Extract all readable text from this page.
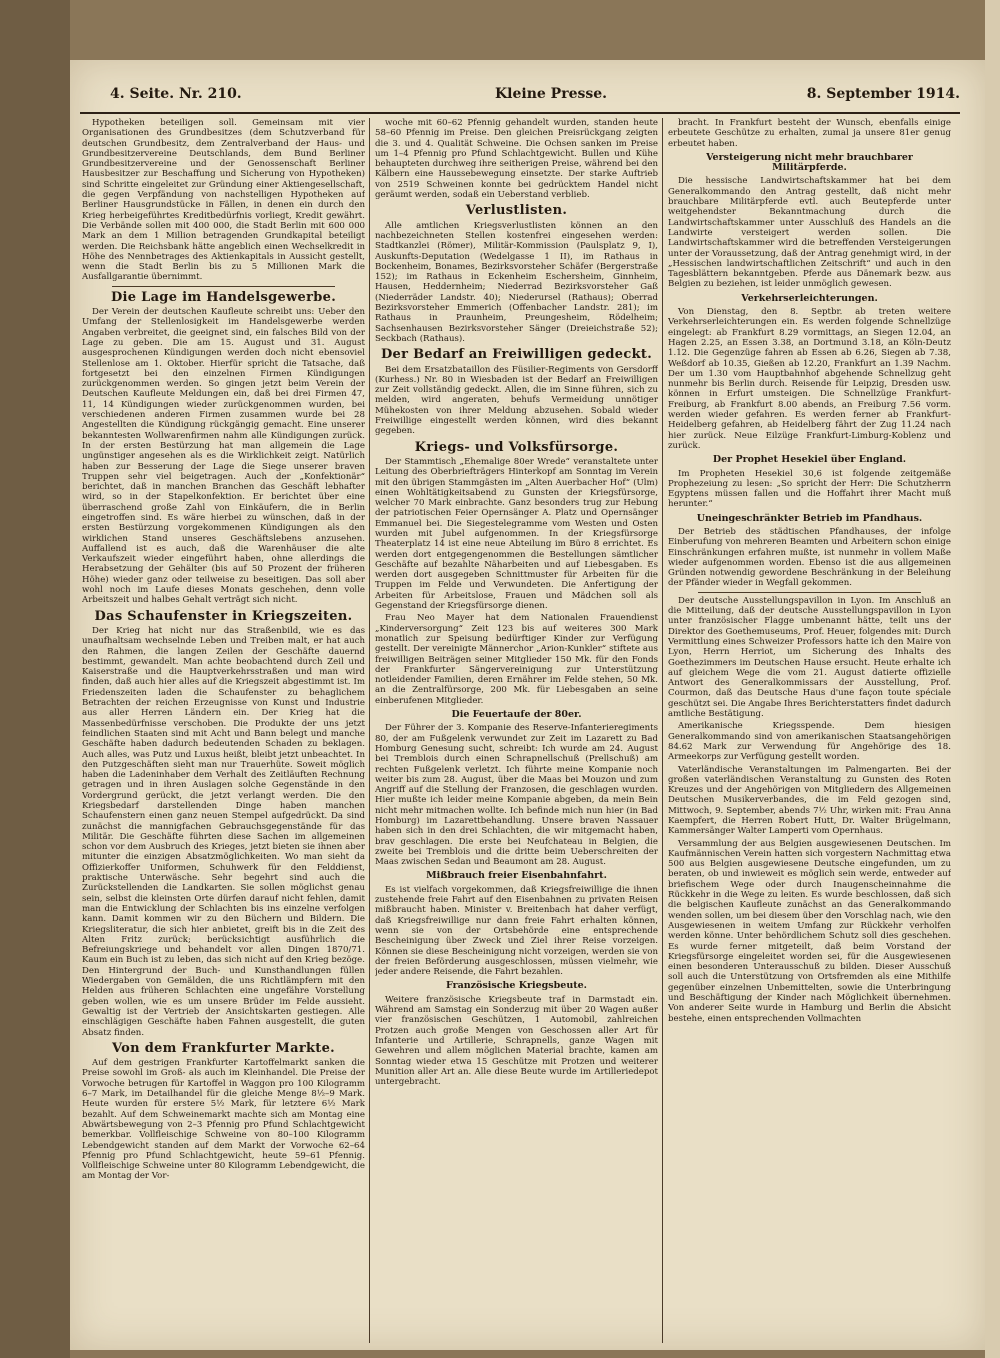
4. Seite. Nr. 210.	Kleine Presse.	8. September 1914.

Hypotheken beteiligen soll. Gemeinsam mit vier Organisationen des Grundbesitzes (dem Schutzverband für deutschen Grundbesitz, dem Zentralverband der Haus- und Grundbesitzervereine Deutschlands, dem Bund Berliner Grundbesitzervereine und der Genossenschaft Berliner Hausbesitzer zur Beschaffung und Sicherung von Hypotheken) sind Schritte eingeleitet zur Gründung einer Aktiengesellschaft, die gegen Verpfändung von nachstelligen Hypotheken auf Berliner Hausgrundstücke in Fällen, in denen ein durch den Krieg herbeigeführtes Kreditbedürfnis vorliegt, Kredit gewährt. Die Verbände sollen mit 400 000, die Stadt Berlin mit 600 000 Mark an dem 1 Million betragenden Grundkapital beteiligt werden. Die Reichsbank hätte angeblich einen Wechselkredit in Höhe des Nennbetrages des Aktienkapitals in Aussicht gestellt, wenn die Stadt Berlin bis zu 5 Millionen Mark die Ausfallgarantie übernimmt.

Die Lage im Handelsgewerbe.

Der Verein der deutschen Kaufleute schreibt uns: Ueber den Umfang der Stellenlosigkeit im Handelsgewerbe werden Angaben verbreitet, die geeignet sind, ein falsches Bild von der Lage zu geben. Die am 15. August und 31. August ausgesprochenen Kündigungen werden doch nicht ebensoviel Stellenlose am 1. Oktober. Hierfür spricht die Tatsache, daß fortgesetzt bei den einzelnen Firmen Kündigungen zurückgenommen werden. So gingen jetzt beim Verein der Deutschen Kaufleute Meldungen ein, daß bei drei Firmen 47, 11, 14 Kündigungen wieder zurückgenommen wurden, bei verschiedenen anderen Firmen zusammen wurde bei 28 Angestellten die Kündigung rückgängig gemacht. Eine unserer bekanntesten Wollwarenfirmen nahm alle Kündigungen zurück. In der ersten Bestürzung hat man allgemein die Lage ungünstiger angesehen als es die Wirklichkeit zeigt. Natürlich haben zur Besserung der Lage die Siege unserer braven Truppen sehr viel beigetragen. Auch der „Konfektionär“ berichtet, daß in manchen Branchen das Geschäft lebhafter wird, so in der Stapelkonfektion. Er berichtet über eine überraschend große Zahl von Einkäufern, die in Berlin eingetroffen sind. Es wäre hierbei zu wünschen, daß in der ersten Bestürzung vorgekommenen Kündigungen als den wirklichen Stand unseres Geschäftslebens anzusehen. Auffallend ist es auch, daß die Warenhäuser die alte Verkaufszeit wieder eingeführt haben, ohne allerdings die Herabsetzung der Gehälter (bis auf 50 Prozent der früheren Höhe) wieder ganz oder teilweise zu beseitigen. Das soll aber wohl noch im Laufe dieses Monats geschehen, denn volle Arbeitszeit und halbes Gehalt verträgt sich nicht.

Das Schaufenster in Kriegszeiten.

Der Krieg hat nicht nur das Straßenbild, wie es das unaufhaltsam wechselnde Leben und Treiben malt, er hat auch den Rahmen, die langen Zeilen der Geschäfte dauernd bestimmt, gewandelt. Man achte beobachtend durch Zeil und Kaiserstraße und die Hauptverkehrsstraßen und man wird finden, daß auch hier alles auf die Kriegszeit abgestimmt ist. Im Friedenszeiten laden die Schaufenster zu behaglichem Betrachten der reichen Erzeugnisse von Kunst und Industrie aus aller Herren Ländern ein. Der Krieg hat die Massenbedürfnisse verschoben. Die Produkte der uns jetzt feindlichen Staaten sind mit Acht und Bann belegt und manche Geschäfte haben dadurch bedeutenden Schaden zu beklagen. Auch alles, was Putz und Luxus heißt, bleibt jetzt unbeachtet. In den Putzgeschäften sieht man nur Trauerhüte. Soweit möglich haben die Ladeninhaber dem Verhalt des Zeitläuften Rechnung getragen und in ihren Auslagen solche Gegenstände in den Vordergrund gerückt, die jetzt verlangt werden. Die den Kriegsbedarf darstellenden Dinge haben manchen Schaufenstern einen ganz neuen Stempel aufgedrückt. Da sind zunächst die mannigfachen Gebrauchsgegenstände für das Militär. Die Geschäfte führten diese Sachen im allgemeinen schon vor dem Ausbruch des Krieges, jetzt bieten sie ihnen aber mitunter die einzigen Absatzmöglichkeiten. Wo man sieht da Offizierkoffer Uniformen, Schuhwerk für den Felddienst, praktische Unterwäsche. Sehr begehrt sind auch die Zurückstellenden die Landkarten. Sie sollen möglichst genau sein, selbst die kleinsten Orte dürfen darauf nicht fehlen, damit man die Entwicklung der Schlachten bis ins einzelne verfolgen kann. Damit kommen wir zu den Büchern und Bildern. Die Kriegsliteratur, die sich hier anbietet, greift bis in die Zeit des Alten Fritz zurück; berücksichtigt ausführlich die Befreiungskriege und behandelt vor allen Dingen 1870/71. Kaum ein Buch ist zu leben, das sich nicht auf den Krieg bezöge. Den Hintergrund der Buch- und Kunsthandlungen füllen Wiedergaben von Gemälden, die uns Richtlämpfern mit den Helden aus früheren Schlachten eine ungefähre Vorstellung geben wollen, wie es um unsere Brüder im Felde aussieht. Gewaltig ist der Vertrieb der Ansichtskarten gestiegen. Alle einschlägigen Geschäfte haben Fahnen ausgestellt, die guten Absatz finden.

Von dem Frankfurter Markte.

Auf dem gestrigen Frankfurter Kartoffelmarkt sanken die Preise sowohl im Groß- als auch im Kleinhandel. Die Preise der Vorwoche betrugen für Kartoffel in Waggon pro 100 Kilogramm 6–7 Mark, im Detailhandel für die gleiche Menge 8½–9 Mark. Heute wurden für erstere 5½ Mark, für letztere 6½ Mark bezahlt. Auf dem Schweinemarkt machte sich am Montag eine Abwärtsbewegung von 2–3 Pfennig pro Pfund Schlachtgewicht bemerkbar. Vollfleischige Schweine von 80–100 Kilogramm Lebendgewicht standen auf dem Markt der Vorwoche 62–64 Pfennig pro Pfund Schlachtgewicht, heute 59–61 Pfennig. Vollfleischige Schweine unter 80 Kilogramm Lebendgewicht, die am Montag der Vor-

woche mit 60–62 Pfennig gehandelt wurden, standen heute 58–60 Pfennig im Preise. Den gleichen Preisrückgang zeigten die 3. und 4. Qualität Schweine. Die Ochsen sanken im Preise um 1–4 Pfennig pro Pfund Schlachtgewicht. Bullen und Kühe behaupteten durchweg ihre seitherigen Preise, während bei den Kälbern eine Haussebewegung einsetzte. Der starke Auftrieb von 2519 Schweinen konnte bei gedrücktem Handel nicht geräumt werden, sodaß ein Ueberstand verblieb.

Verlustlisten.

Alle amtlichen Kriegsverlustlisten können an den nachbezeichneten Stellen kostenfrei eingesehen werden: Stadtkanzlei (Römer), Militär-Kommission (Paulsplatz 9, I), Auskunfts-Deputation (Wedelgasse 1 II), im Rathaus in Bockenheim, Bonames, Bezirksvorsteher Schäfer (Bergerstraße 152); im Rathaus in Eckenheim Eschersheim, Ginnheim, Hausen, Heddernheim; Niederrad Bezirksvorsteher Gaß (Niederräder Landstr. 40); Niederursel (Rathaus); Oberrad Bezirksvorsteher Emmerich (Offenbacher Landstr. 281); im Rathaus in Praunheim, Preungesheim, Rödelheim; Sachsenhausen Bezirksvorsteher Sänger (Dreieichstraße 52); Seckbach (Rathaus).

Der Bedarf an Freiwilligen gedeckt.

Bei dem Ersatzbataillon des Füsilier-Regiments von Gersdorff (Kurhess.) Nr. 80 in Wiesbaden ist der Bedarf an Freiwilligen zur Zeit vollständig gedeckt. Allen, die im Sinne führen, sich zu melden, wird angeraten, behufs Vermeidung unnötiger Mühekosten von ihrer Meldung abzusehen. Sobald wieder Freiwillige eingestellt werden können, wird dies bekannt gegeben.

Kriegs- und Volksfürsorge.

Der Stammtisch „Ehemalige 80er Wrede“ veranstaltete unter Leitung des Oberbriefträgers Hinterkopf am Sonntag im Verein mit den übrigen Stammgästen im „Alten Auerbacher Hof“ (Ulm) einen Wohltätigkeitsabend zu Gunsten der Kriegsfürsorge, welcher 70 Mark einbrachte. Ganz besonders trug zur Hebung der patriotischen Feier Opernsänger A. Platz und Opernsänger Emmanuel bei. Die Siegestelegramme vom Westen und Osten wurden mit Jubel aufgenommen. In der Kriegsfürsorge Theaterplatz 14 ist eine neue Abteilung im Büro 8 errichtet. Es werden dort entgegengenommen die Bestellungen sämtlicher Geschäfte auf bezahlte Näharbeiten und auf Liebesgaben. Es werden dort ausgegeben Schnittmuster für Arbeiten für die Truppen im Felde und Verwundeten. Die Anfertigung der Arbeiten für Arbeitslose, Frauen und Mädchen soll als Gegenstand der Kriegsfürsorge dienen.

Frau Neo Mayer hat dem Nationalen Frauendienst „Kinderversorgung“ Zeit 123 bis auf weiteres 300 Mark monatlich zur Speisung bedürftiger Kinder zur Verfügung gestellt. Der vereinigte Männerchor „Arion-Kunkler“ stiftete aus freiwilligen Beiträgen seiner Mitglieder 150 Mk. für den Fonds der Frankfurter Sängervereinigung zur Unterstützung notleidender Familien, deren Ernährer im Felde stehen, 50 Mk. an die Zentralfürsorge, 200 Mk. für Liebesgaben an seine einberufenen Mitglieder.

Die Feuertaufe der 80er.

Der Führer der 3. Kompanie des Reserve-Infanterieregiments 80, der am Fußgelenk verwundet zur Zeit im Lazarett zu Bad Homburg Genesung sucht, schreibt: Ich wurde am 24. August bei Tremblois durch einen Schrapnellschuß (Prellschuß) am rechten Fußgelenk verletzt. Ich führte meine Kompanie noch weiter bis zum 28. August, über die Maas bei Mouzon und zum Angriff auf die Stellung der Franzosen, die geschlagen wurden. Hier mußte ich leider meine Kompanie abgeben, da mein Bein nicht mehr mitmachen wollte. Ich befinde mich nun hier (in Bad Homburg) im Lazarettbehandlung. Unsere braven Nassauer haben sich in den drei Schlachten, die wir mitgemacht haben, brav geschlagen. Die erste bei Neufchateau in Belgien, die zweite bei Tremblois und die dritte beim Ueberschreiten der Maas zwischen Sedan und Beaumont am 28. August.

Mißbrauch freier Eisenbahnfahrt.

Es ist vielfach vorgekommen, daß Kriegsfreiwillige die ihnen zustehende freie Fahrt auf den Eisenbahnen zu privaten Reisen mißbraucht haben. Minister v. Breitenbach hat daher verfügt, daß Kriegsfreiwillige nur dann freie Fahrt erhalten können, wenn sie von der Ortsbehörde eine entsprechende Bescheinigung über Zweck und Ziel ihrer Reise vorzeigen. Können sie diese Bescheinigung nicht vorzeigen, werden sie von der freien Beförderung ausgeschlossen, müssen vielmehr, wie jeder andere Reisende, die Fahrt bezahlen.

Französische Kriegsbeute.

Weitere französische Kriegsbeute traf in Darmstadt ein. Während am Samstag ein Sonderzug mit über 20 Wagen außer vier französischen Geschützen, 1 Automobil, zahlreichen Protzen auch große Mengen von Geschossen aller Art für Infanterie und Artillerie, Schrapnells, ganze Wagen mit Gewehren und allem möglichen Material brachte, kamen am Sonntag wieder etwa 15 Geschütze mit Protzen und weiterer Munition aller Art an. Alle diese Beute wurde im Artilleriedepot untergebracht.

bracht. In Frankfurt besteht der Wunsch, ebenfalls einige erbeutete Geschütze zu erhalten, zumal ja unsere 81er genug erbeutet haben.

Versteigerung nicht mehr brauchbarer Militärpferde.

Die hessische Landwirtschaftskammer hat bei dem Generalkommando den Antrag gestellt, daß nicht mehr brauchbare Militärpferde evtl. auch Beutepferde unter weitgehendster Bekanntmachung durch die Landwirtschaftskammer unter Ausschluß des Handels an die Landwirte versteigert werden sollen. Die Landwirtschaftskammer wird die betreffenden Versteigerungen unter der Voraussetzung, daß der Antrag genehmigt wird, in der „Hessischen landwirtschaftlichen Zeitschrift“ und auch in den Tagesblättern bekanntgeben. Pferde aus Dänemark bezw. aus Belgien zu beziehen, ist leider unmöglich gewesen.

Verkehrserleichterungen.

Von Dienstag, den 8. Septbr. ab treten weitere Verkehrserleichterungen ein. Es werden folgende Schnellzüge eingelegt: ab Frankfurt 8.29 vormittags, an Siegen 12.04, an Hagen 2.25, an Essen 3.38, an Dortmund 3.18, an Köln-Deutz 1.12. Die Gegenzüge fahren ab Essen ab 6.26, Siegen ab 7.38, Weßdorf ab 10.35, Gießen ab 12.20, Frankfurt an 1.39 Nachm. Der um 1.30 vom Hauptbahnhof abgehende Schnellzug geht nunmehr bis Berlin durch. Reisende für Leipzig, Dresden usw. können in Erfurt umsteigen. Die Schnellzüge Frankfurt-Freiburg, ab Frankfurt 8.00 abends, an Freiburg 7.56 vorm. werden wieder gefahren. Es werden ferner ab Frankfurt-Heidelberg gefahren, ab Heidelberg fährt der Zug 11.24 nach hier zurück. Neue Eilzüge Frankfurt-Limburg-Koblenz und zurück.

Der Prophet Hesekiel über England.

Im Propheten Hesekiel 30,6 ist folgende zeitgemäße Prophezeiung zu lesen: „So spricht der Herr: Die Schutzherrn Egyptens müssen fallen und die Hoffahrt ihrer Macht muß herunter.“

Uneingeschränkter Betrieb im Pfandhaus.

Der Betrieb des städtischen Pfandhauses, der infolge Einberufung von mehreren Beamten und Arbeitern schon einige Einschränkungen erfahren mußte, ist nunmehr in vollem Maße wieder aufgenommen worden. Ebenso ist die aus allgemeinen Gründen notwendig gewordene Beschränkung in der Beleihung der Pfänder wieder in Wegfall gekommen.

Der deutsche Ausstellungspavillon in Lyon. Im Anschluß an die Mitteilung, daß der deutsche Ausstellungspavillon in Lyon unter französischer Flagge umbenannt hätte, teilt uns der Direktor des Goethemuseums, Prof. Heuer, folgendes mit: Durch Vermittlung eines Schweizer Professors hatte ich den Maire von Lyon, Herrn Herriot, um Sicherung des Inhalts des Goethezimmers im Deutschen Hause ersucht. Heute erhalte ich auf gleichem Wege die vom 21. August datierte offizielle Antwort des Generalkommissars der Ausstellung, Prof. Courmon, daß das Deutsche Haus d'une façon toute spéciale geschützt sei. Die Angabe Ihres Berichterstatters findet dadurch amtliche Bestätigung.

Amerikanische Kriegsspende. Dem hiesigen Generalkommando sind von amerikanischen Staatsangehörigen 84.62 Mark zur Verwendung für Angehörige des 18. Armeekorps zur Verfügung gestellt worden.

Vaterländische Veranstaltungen im Palmengarten. Bei der großen vaterländischen Veranstaltung zu Gunsten des Roten Kreuzes und der Angehörigen von Mitgliedern des Allgemeinen Deutschen Musikerverbandes, die im Feld gezogen sind, Mittwoch, 9. September, abends 7½ Uhr, wirken mit: Frau Anna Kaempfert, die Herren Robert Hutt, Dr. Walter Brügelmann, Kammersänger Walter Lamperti vom Opernhaus.

Versammlung der aus Belgien ausgewiesenen Deutschen. Im Kaufmännischen Verein hatten sich vorgestern Nachmittag etwa 500 aus Belgien ausgewiesene Deutsche eingefunden, um zu beraten, ob und inwieweit es möglich sein werde, entweder auf briefischem Wege oder durch Inaugenscheinnahme die Rückkehr in die Wege zu leiten. Es wurde beschlossen, daß sich die belgischen Kaufleute zunächst an das Generalkommando wenden sollen, um bei diesem über den Vorschlag nach, wie den Ausgewiesenen in weitem Umfang zur Rückkehr verholfen werden könne. Unter behördlichem Schutz soll dies geschehen. Es wurde ferner mitgeteilt, daß beim Vorstand der Kriegsfürsorge eingeleitet worden sei, für die Ausgewiesenen einen besonderen Unterausschuß zu bilden. Dieser Ausschuß soll auch die Unterstützung von Ortsfremden als eine Mithilfe gegenüber einzelnen Unbemittelten, sowie die Unterbringung und Beschäftigung der Kinder nach Möglichkeit übernehmen. Von anderer Seite wurde in Hamburg und Berlin die Absicht bestehe, einen entsprechenden Vollmachten
